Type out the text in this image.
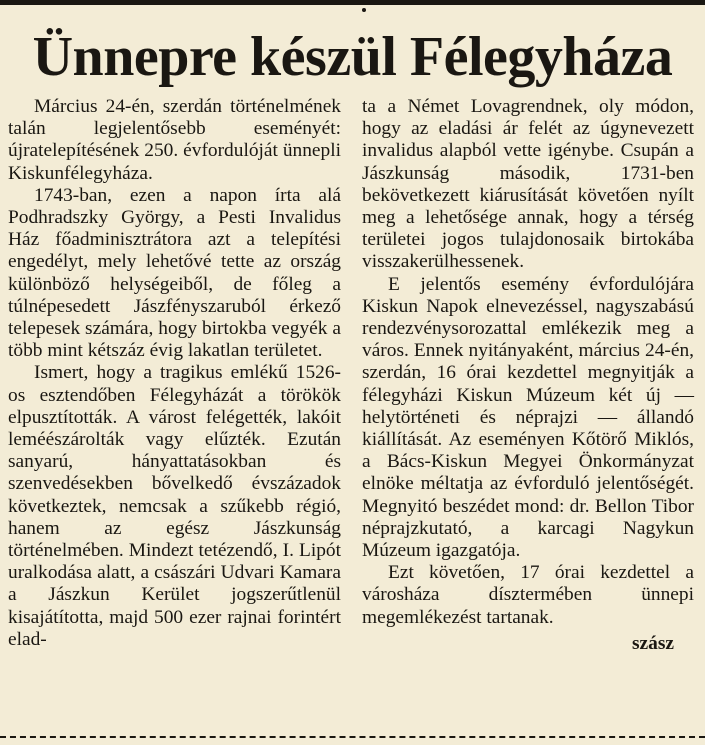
Ünnepre készül Félegyháza

Március 24-én, szerdán történelmének talán legjelentősebb eseményét: újratelepítésének 250. évfordulóját ünnepli Kiskunfélegyháza.

1743-ban, ezen a napon írta alá Podhradszky György, a Pesti Invalidus Ház főadminisztrátora azt a telepítési engedélyt, mely lehetővé tette az ország különböző helységeiből, de főleg a túlnépesedett Jászfényszaruból érkező telepesek számára, hogy birtokba vegyék a több mint kétszáz évig lakatlan területet.

Ismert, hogy a tragikus emlékű 1526-os esztendőben Félegyházát a törökök elpusztították. A várost felégették, lakóit leméészárolták vagy elűzték. Ezután sanyarú, hányattatásokban és szenvedésekben bővelkedő évszázadok következtek, nemcsak a szűkebb régió, hanem az egész Jászkunság történelmében. Mindezt tetézendő, I. Lipót uralkodása alatt, a császári Udvari Kamara a Jászkun Kerület jogszerűtlenül kisajátította, majd 500 ezer rajnai forintért elad-

ta a Német Lovagrendnek, oly módon, hogy az eladási ár felét az úgynevezett invalidus alapból vette igénybe. Csupán a Jászkunság második, 1731-ben bekövetkezett kiárusítását követően nyílt meg a lehetősége annak, hogy a térség területei jogos tulajdonosaik birtokába visszakerülhessenek.

E jelentős esemény évfordulójára Kiskun Napok elnevezéssel, nagyszabású rendezvénysorozattal emlékezik meg a város. Ennek nyitányaként, március 24-én, szerdán, 16 órai kezdettel megnyitják a félegyházi Kiskun Múzeum két új — helytörténeti és néprajzi — állandó kiállítását. Az eseményen Kőtörő Miklós, a Bács-Kiskun Megyei Önkormányzat elnöke méltatja az évforduló jelentőségét. Megnyitó beszédet mond: dr. Bellon Tibor néprajzkutató, a karcagi Nagykun Múzeum igazgatója.

Ezt követően, 17 órai kezdettel a városháza dísztermében ünnepi megemlékezést tartanak.

szász
